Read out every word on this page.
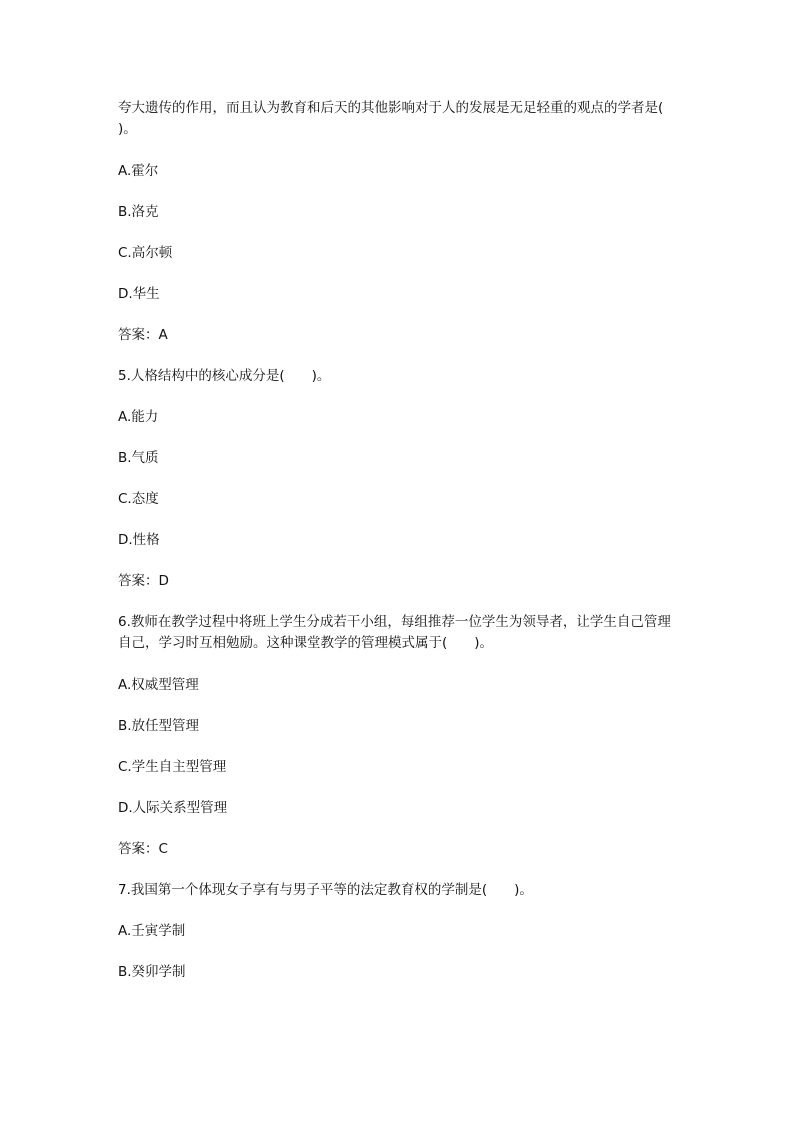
夸大遗传的作用，而且认为教育和后天的其他影响对于人的发展是无足轻重的观点的学者是(　　)。

A.霍尔

B.洛克

C.高尔顿

D.华生

答案：A

5.人格结构中的核心成分是(　　)。

A.能力

B.气质

C.态度

D.性格

答案：D

6.教师在教学过程中将班上学生分成若干小组，每组推荐一位学生为领导者，让学生自己管理自己，学习时互相勉励。这种课堂教学的管理模式属于(　　)。

A.权威型管理

B.放任型管理

C.学生自主型管理

D.人际关系型管理

答案：C

7.我国第一个体现女子享有与男子平等的法定教育权的学制是(　　)。

A.壬寅学制

B.癸卯学制
